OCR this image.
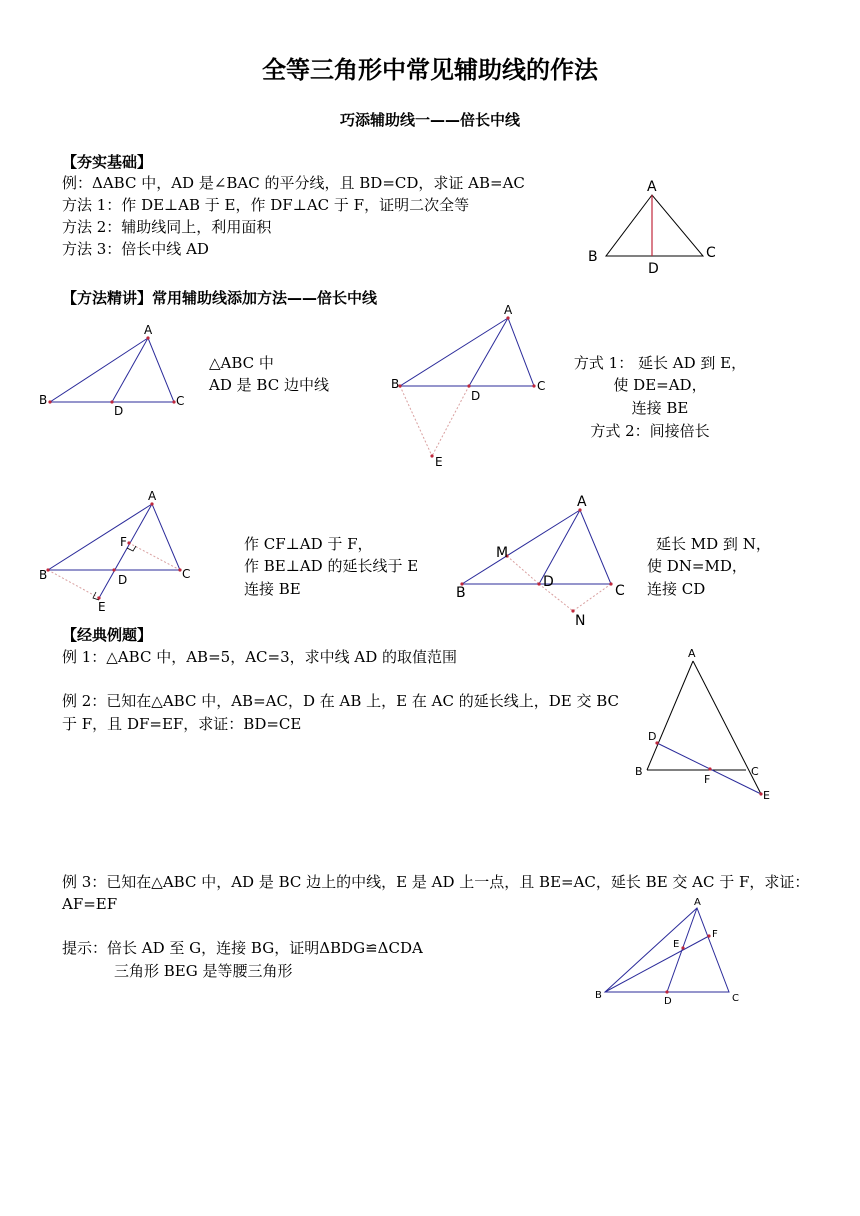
全等三角形中常见辅助线的作法
巧添辅助线一——倍长中线
【夯实基础】
例：ΔABC 中，AD 是∠BAC 的平分线，且 BD=CD，求证 AB=AC
方法 1：作 DE⊥AB 于 E，作 DF⊥AC 于 F，证明二次全等
方法 2：辅助线同上，利用面积
方法 3：倍长中线 AD
A
B	C
D
【方法精讲】常用辅助线添加方法——倍长中线
A
B	C
D
△ABC 中
AD 是 BC 边中线
A
B	C
D
E
方式 1： 延长 AD 到 E，
使 DE=AD，
连接 BE
方式 2：间接倍长
A
B	C
D
E
F	作 CF⊥AD 于 F，
作 BE⊥AD 的延长线于 E
连接 BE
A
B	C
D
M
N
延长 MD 到 N，
使 DN=MD，
连接 CD
【经典例题】
例 1：△ABC 中，AB=5，AC=3，求中线 AD 的取值范围
例 2：已知在△ABC 中，AB=AC，D 在 AB 上，E 在 AC 的延长线上，DE 交 BC
于 F，且 DF=EF，求证：BD=CE
A
B	C
D
E
F
例 3：已知在△ABC 中，AD 是 BC 边上的中线，E 是 AD 上一点，且 BE=AC，延长 BE 交 AC 于 F，求证：
AF=EF
提示：倍长 AD 至 G，连接 BG，证明ΔBDG≌ΔCDA
三角形 BEG 是等腰三角形
A
B	C
D
E
F
